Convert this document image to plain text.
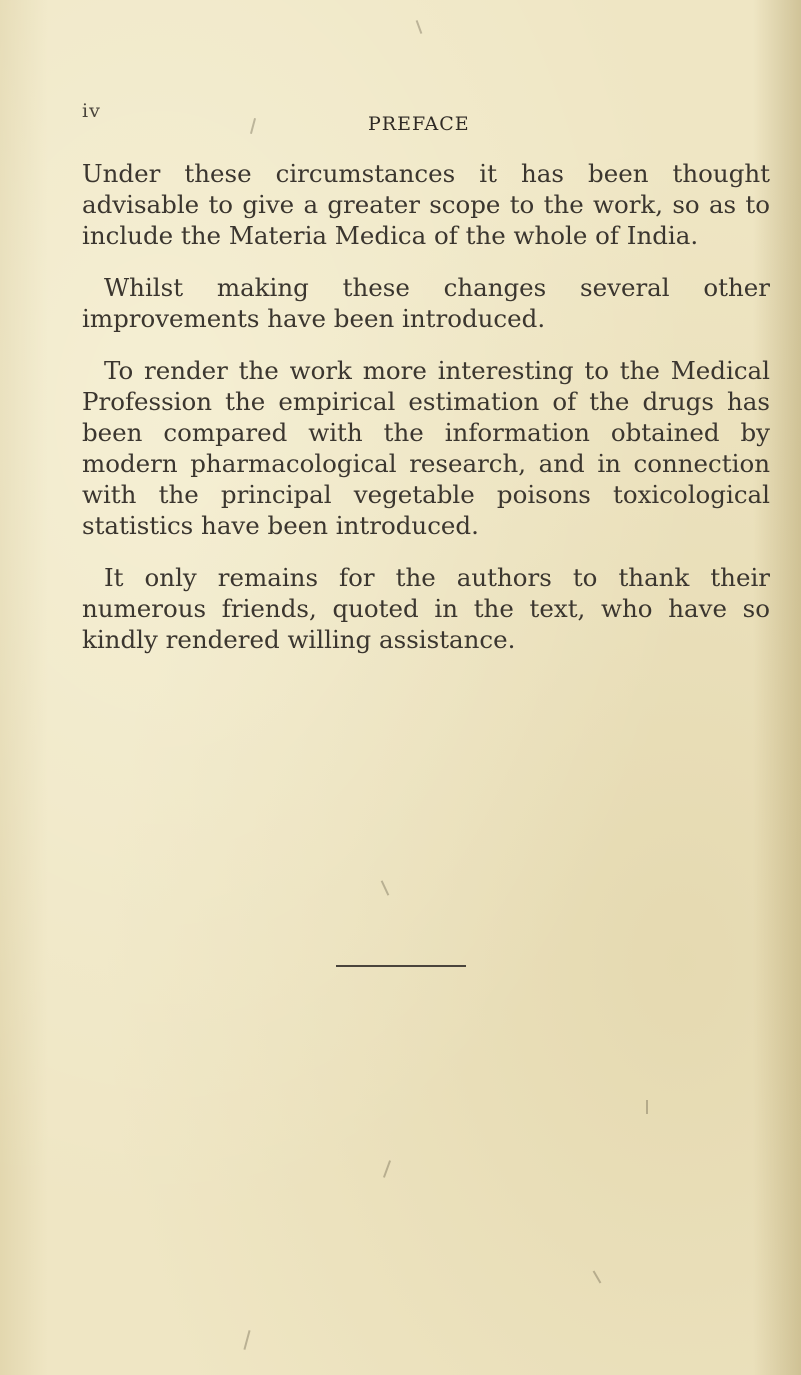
iv
PREFACE

Under these circumstances it has been thought advisable to give a greater scope to the work, so as to include the Materia Medica of the whole of India.

Whilst making these changes several other improvements have been introduced.

To render the work more interesting to the Medical Profession the empirical estimation of the drugs has been compared with the information obtained by modern pharmacological research, and in connection with the principal vegetable poisons toxicological statistics have been introduced.

It only remains for the authors to thank their numerous friends, quoted in the text, who have so kindly rendered willing assistance.
